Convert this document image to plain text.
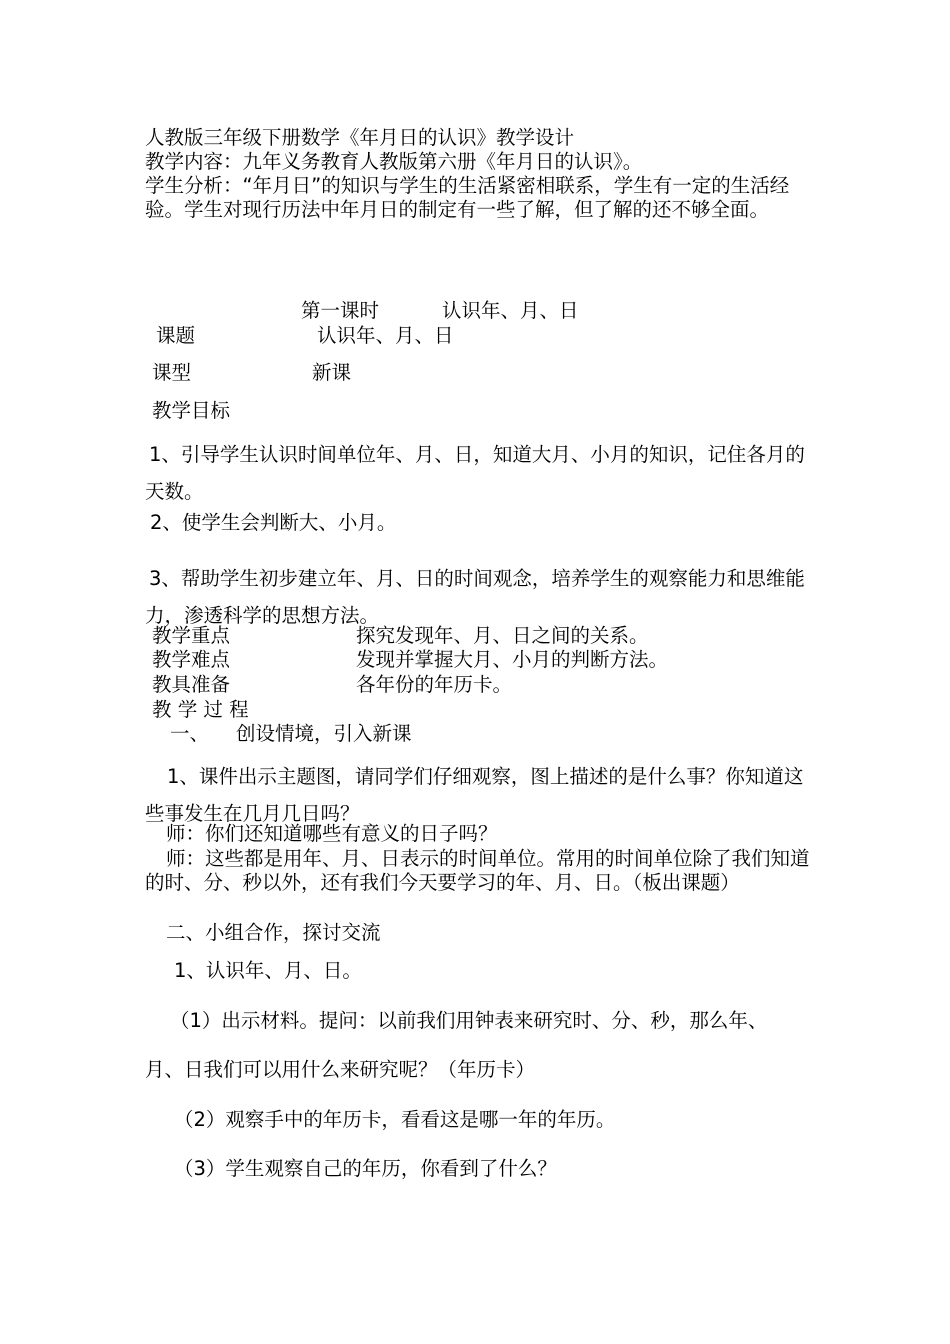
人教版三年级下册数学《年月日的认识》教学设计
教学内容：九年义务教育人教版第六册《年月日的认识》。
学生分析：“年月日”的知识与学生的生活紧密相联系，学生有一定的生活经验。学生对现行历法中年月日的制定有一些了解，但了解的还不够全面。
第一课时	认识年、月、日
课题	认识年、月、日
课型	新课
教学目标
1、引导学生认识时间单位年、月、日，知道大月、小月的知识，记住各月的天数。
2、使学生会判断大、小月。
3、帮助学生初步建立年、月、日的时间观念，培养学生的观察能力和思维能力，渗透科学的思想方法。
教学重点	探究发现年、月、日之间的关系。
教学难点	发现并掌握大月、小月的判断方法。
教具准备	各年份的年历卡。
教 学 过 程
一、 创设情境，引入新课
1、课件出示主题图，请同学们仔细观察，图上描述的是什么事？你知道这些事发生在几月几日吗？
师：你们还知道哪些有意义的日子吗？
师：这些都是用年、月、日表示的时间单位。常用的时间单位除了我们知道的时、分、秒以外，还有我们今天要学习的年、月、日。（板出课题）
二、小组合作，探讨交流
1、认识年、月、日。
（1）出示材料。提问：以前我们用钟表来研究时、分、秒，那么年、
月、日我们可以用什么来研究呢？（年历卡）
（2）观察手中的年历卡，看看这是哪一年的年历。
（3）学生观察自己的年历，你看到了什么？
